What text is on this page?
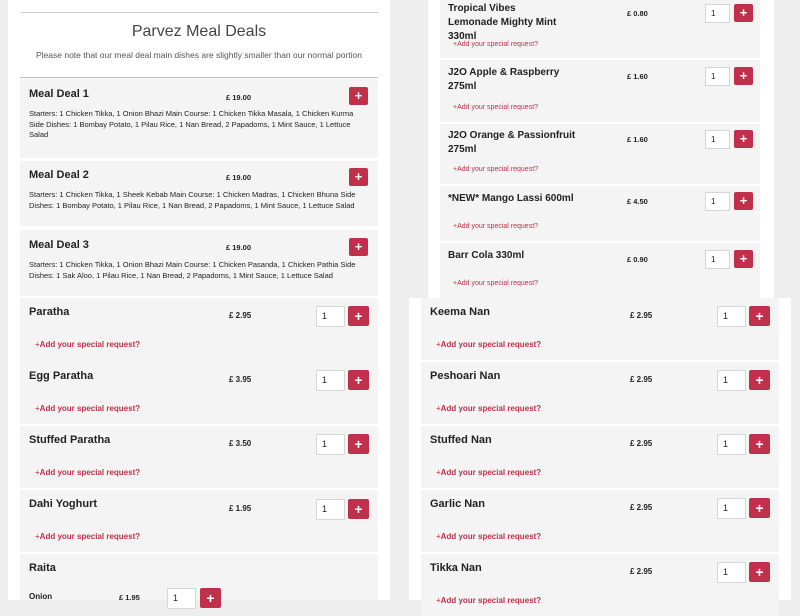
Parvez Meal Deals
Please note that our meal deal main dishes are slightly smaller than our normal portion
Meal Deal 1	£ 19.00	+
Starters: 1 Chicken Tikka, 1 Onion Bhazi Main Course: 1 Chicken Tikka Masala, 1 Chicken Kurma Side Dishes: 1 Bombay Potato, 1 Pilau Rice, 1 Nan Bread, 2 Papadoms, 1 Mint Sauce, 1 Lettuce Salad
Meal Deal 2	£ 19.00	+
Starters: 1 Chicken Tikka, 1 Sheek Kebab Main Course: 1 Chicken Madras, 1 Chicken Bhuna Side Dishes: 1 Bombay Potato, 1 Pilau Rice, 1 Nan Bread, 2 Papadoms, 1 Mint Sauce, 1 Lettuce Salad
Meal Deal 3	£ 19.00	+
Starters: 1 Chicken Tikka, 1 Onion Bhazi Main Course: 1 Chicken Pasanda, 1 Chicken Pathia Side Dishes: 1 Sak Aloo, 1 Pilau Rice, 1 Nan Bread, 2 Papadoms, 1 Mint Sauce, 1 Lettuce Salad
Tropical Vibes Lemonade Mighty Mint 330ml
£ 0.80	1	+
+Add your special request?
J2O Apple & Raspberry 275ml
£ 1.60	1	+
+Add your special request?
J2O Orange & Passionfruit 275ml
£ 1.60	1	+
+Add your special request?
*NEW* Mango Lassi 600ml	£ 4.50	1	+
+Add your special request?
Barr Cola 330ml	£ 0.90	1	+
+Add your special request?
Paratha	£ 2.95	1	+
+Add your special request?
Egg Paratha	£ 3.95	1	+
+Add your special request?
Stuffed Paratha	£ 3.50	1	+
+Add your special request?
Dahi Yoghurt	£ 1.95	1	+
+Add your special request?
Raita
Onion	£ 1.95	1	+
Keema Nan	£ 2.95	1	+
+Add your special request?
Peshoari Nan	£ 2.95	1	+
+Add your special request?
Stuffed Nan	£ 2.95	1	+
+Add your special request?
Garlic Nan	£ 2.95	1	+
+Add your special request?
Tikka Nan	£ 2.95	1	+
+Add your special request?
